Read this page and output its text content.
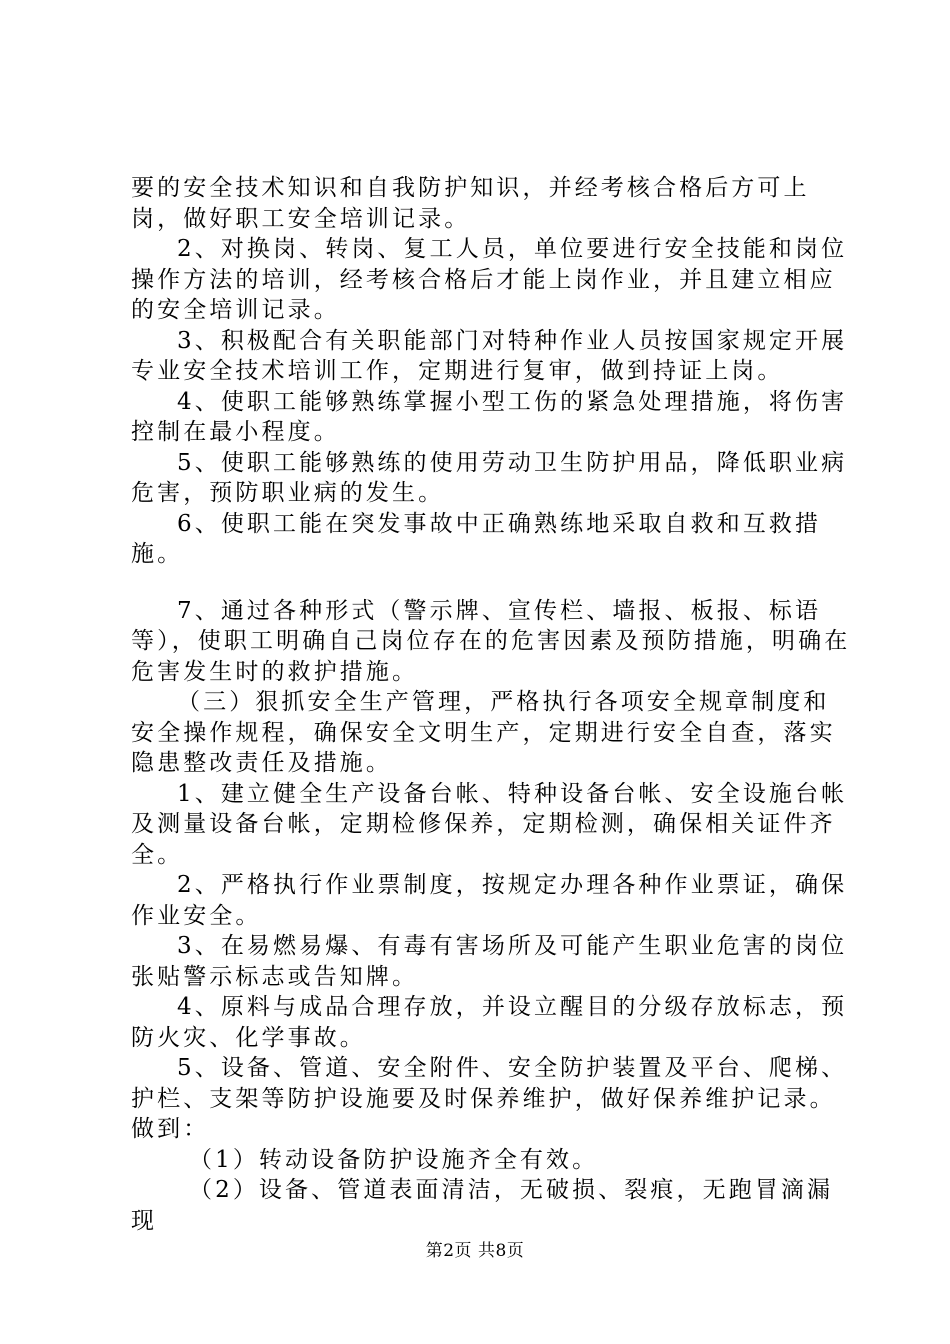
要的安全技术知识和自我防护知识，并经考核合格后方可上岗，做好职工安全培训记录。

2、对换岗、转岗、复工人员，单位要进行安全技能和岗位操作方法的培训，经考核合格后才能上岗作业，并且建立相应的安全培训记录。

3、积极配合有关职能部门对特种作业人员按国家规定开展专业安全技术培训工作，定期进行复审，做到持证上岗。

4、使职工能够熟练掌握小型工伤的紧急处理措施，将伤害控制在最小程度。

5、使职工能够熟练的使用劳动卫生防护用品，降低职业病危害，预防职业病的发生。

6、使职工能在突发事故中正确熟练地采取自救和互救措施。

7、通过各种形式（警示牌、宣传栏、墙报、板报、标语等），使职工明确自己岗位存在的危害因素及预防措施，明确在危害发生时的救护措施。

（三）狠抓安全生产管理，严格执行各项安全规章制度和安全操作规程，确保安全文明生产，定期进行安全自查，落实隐患整改责任及措施。

1、建立健全生产设备台帐、特种设备台帐、安全设施台帐及测量设备台帐，定期检修保养，定期检测，确保相关证件齐全。

2、严格执行作业票制度，按规定办理各种作业票证，确保作业安全。

3、在易燃易爆、有毒有害场所及可能产生职业危害的岗位张贴警示标志或告知牌。

4、原料与成品合理存放，并设立醒目的分级存放标志，预防火灾、化学事故。

5、设备、管道、安全附件、安全防护装置及平台、爬梯、护栏、支架等防护设施要及时保养维护，做好保养维护记录。做到：

（1）转动设备防护设施齐全有效。

（2）设备、管道表面清洁，无破损、裂痕，无跑冒滴漏现

第2页 共8页
